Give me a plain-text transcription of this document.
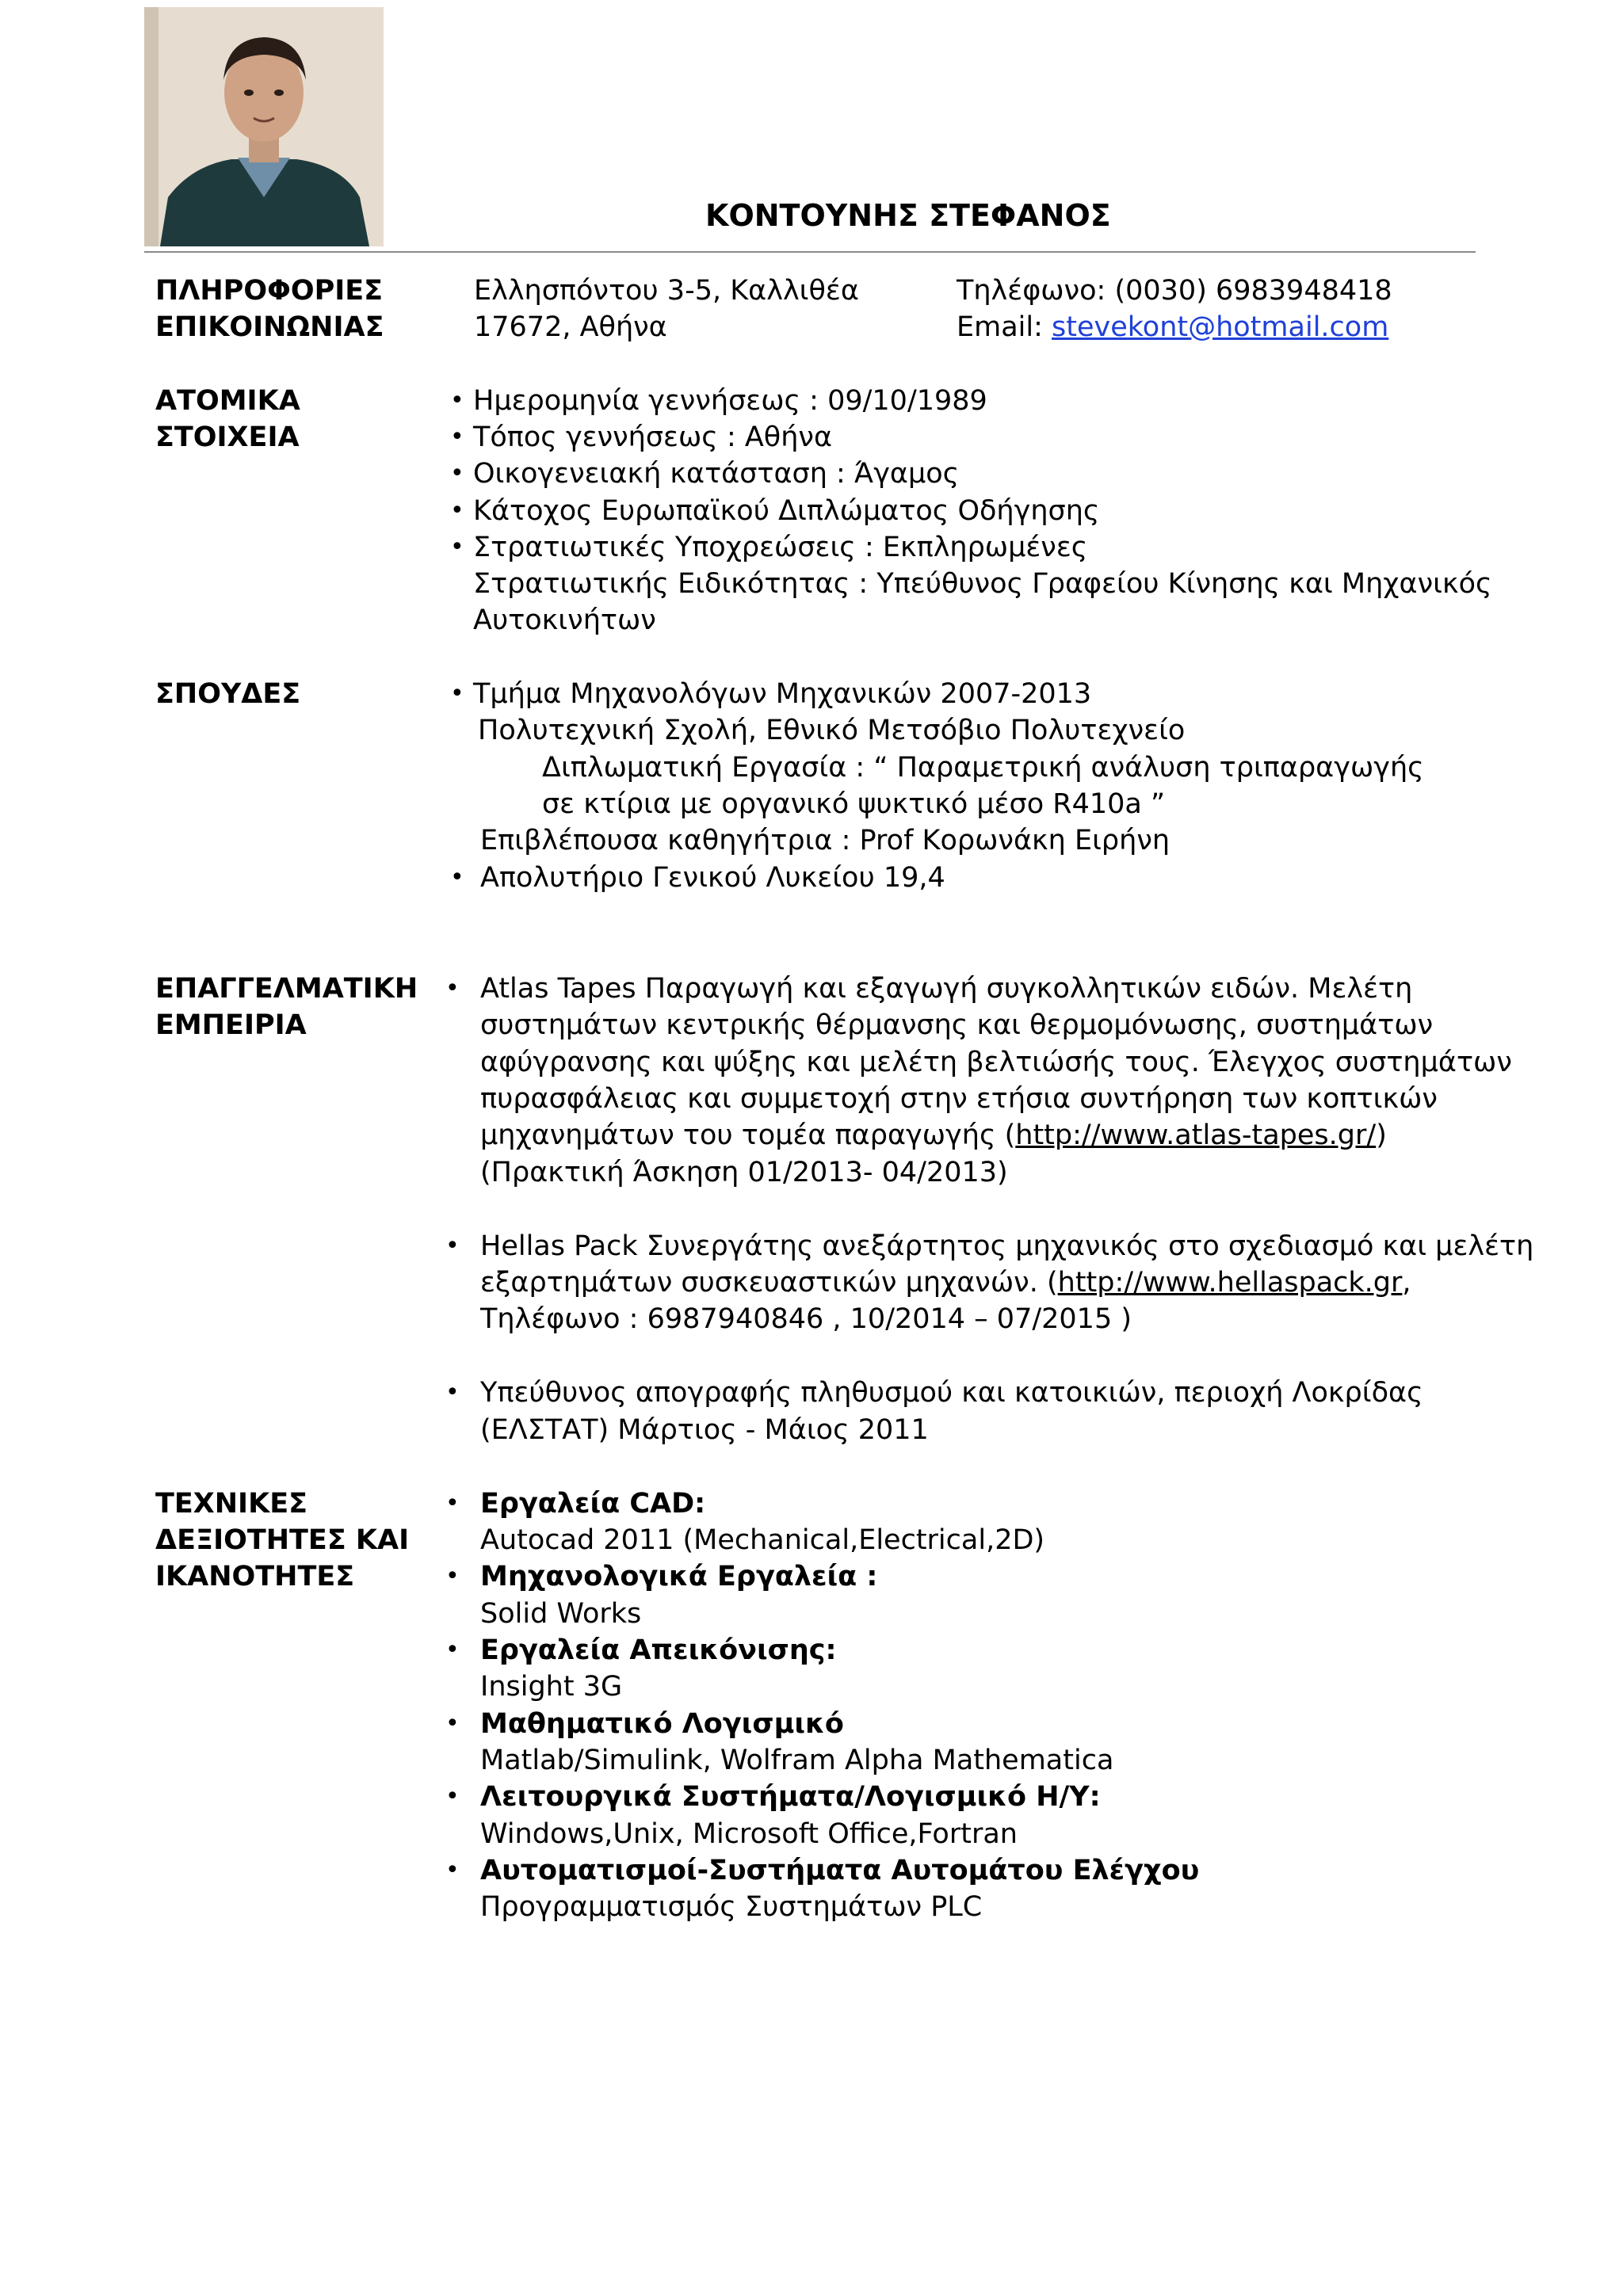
ΚΟΝΤΟΥΝΗΣ ΣΤΕΦΑΝΟΣ
ΠΛΗΡΟΦΟΡΙΕΣ
ΕΠΙΚΟΙΝΩΝΙΑΣ
Ελλησπόντου 3-5, Καλλιθέα
17672, Αθήνα
Τηλέφωνο: (0030) 6983948418
Email: stevekont@hotmail.com
ΑΤΟΜΙΚΑ
ΣΤΟΙΧΕΙΑ
• Ημερομηνία γεννήσεως : 09/10/1989
• Τόπος γεννήσεως : Αθήνα
• Οικογενειακή κατάσταση : Άγαμος
• Κάτοχος Ευρωπαϊκού Διπλώματος Οδήγησης
• Στρατιωτικές Υποχρεώσεις : Εκπληρωμένες
Στρατιωτικής Ειδικότητας : Υπεύθυνος Γραφείου Κίνησης και Μηχανικός
Αυτοκινήτων
ΣΠΟΥΔΕΣ	• Τμήμα Μηχανολόγων Μηχανικών 2007-2013
Πολυτεχνική Σχολή, Εθνικό Μετσόβιο Πολυτεχνείο
Διπλωματική Εργασία : “ Παραμετρική ανάλυση τριπαραγωγής
σε κτίρια με οργανικό ψυκτικό μέσο R410a ”
Επιβλέπουσα καθηγήτρια : Prof Κορωνάκη Ειρήνη
• Απολυτήριο Γενικού Λυκείου 19,4
ΕΠΑΓΓΕΛΜΑΤΙΚΗ
ΕΜΠΕΙΡΙΑ
• Atlas Tapes Παραγωγή και εξαγωγή συγκολλητικών ειδών. Μελέτη
συστημάτων κεντρικής θέρμανσης και θερμομόνωσης, συστημάτων
αφύγρανσης και ψύξης και μελέτη βελτιώσής τους. Έλεγχος συστημάτων
πυρασφάλειας και συμμετοχή στην ετήσια συντήρηση των κοπτικών
μηχανημάτων του τομέα παραγωγής (http://www.atlas-tapes.gr/)
(Πρακτική Άσκηση 01/2013- 04/2013)
• Hellas Pack Συνεργάτης ανεξάρτητος μηχανικός στο σχεδιασμό και μελέτη
εξαρτημάτων συσκευαστικών μηχανών. (http://www.hellaspack.gr,
Τηλέφωνο : 6987940846 , 10/2014 – 07/2015 )
• Υπεύθυνος απογραφής πληθυσμού και κατοικιών, περιοχή Λοκρίδας
(ΕΛΣΤΑΤ) Μάρτιος - Μάιος 2011
ΤΕΧΝΙΚΕΣ
ΔΕΞΙΟΤΗΤΕΣ ΚΑΙ
ΙΚΑΝΟΤΗΤΕΣ
• Εργαλεία CAD:
Autocad 2011 (Mechanical,Electrical,2D)
• Μηχανολογικά Εργαλεία :
Solid Works
• Εργαλεία Απεικόνισης:
Insight 3G
• Μαθηματικό Λογισμικό
Matlab/Simulink, Wolfram Alpha Mathematica
• Λειτουργικά Συστήματα/Λογισμικό Η/Υ:
Windows,Unix, Microsoft Office,Fortran
• Αυτοματισμοί-Συστήματα Αυτομάτου Ελέγχου
Προγραμματισμός Συστημάτων PLC
